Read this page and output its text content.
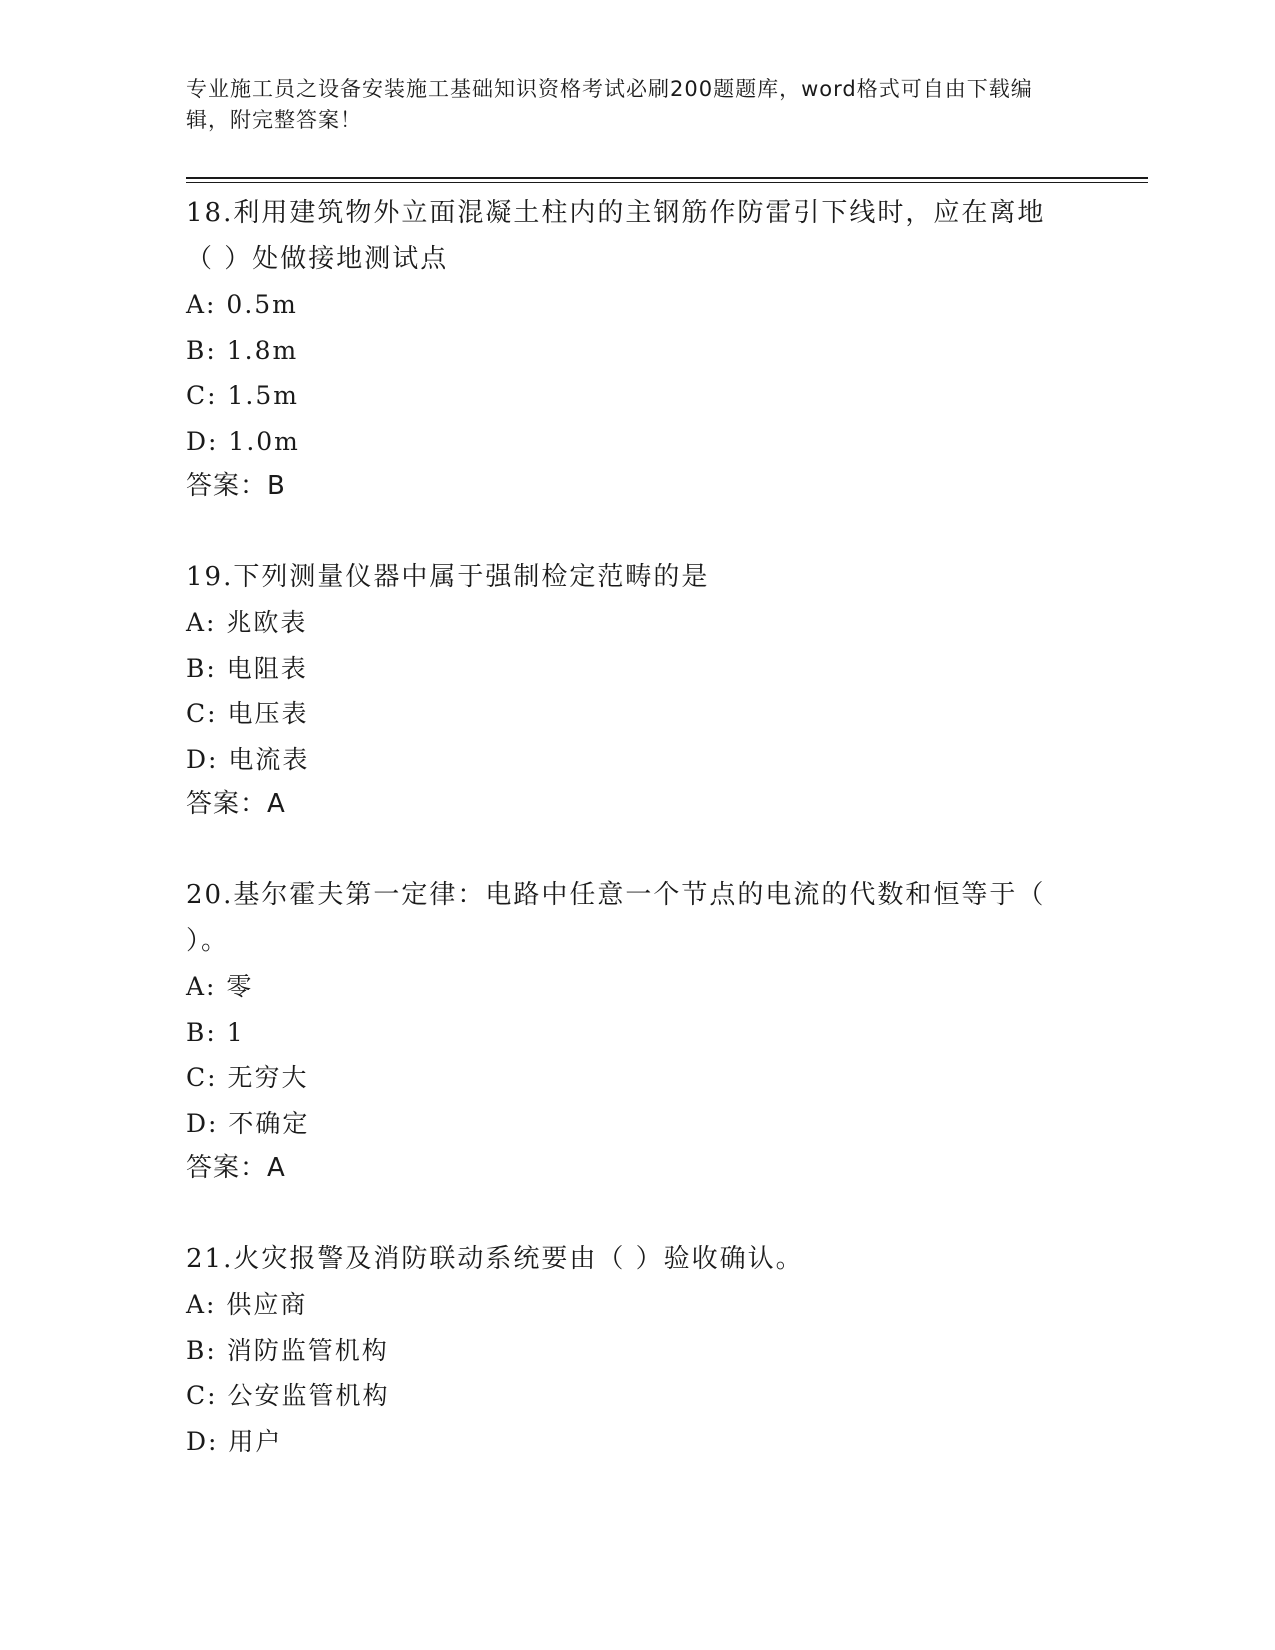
专业施工员之设备安装施工基础知识资格考试必刷200题题库，word格式可自由下载编辑，附完整答案！

18.利用建筑物外立面混凝土柱内的主钢筋作防雷引下线时，应在离地（ ）处做接地测试点

A: 0.5m

B: 1.8m

C: 1.5m

D: 1.0m

答案：B

19.下列测量仪器中属于强制检定范畴的是

A: 兆欧表

B: 电阻表

C: 电压表

D: 电流表

答案：A

20.基尔霍夫第一定律：电路中任意一个节点的电流的代数和恒等于（ ）。

A: 零

B: 1

C: 无穷大

D: 不确定

答案：A

21.火灾报警及消防联动系统要由（ ）验收确认。

A: 供应商

B: 消防监管机构

C: 公安监管机构

D: 用户
